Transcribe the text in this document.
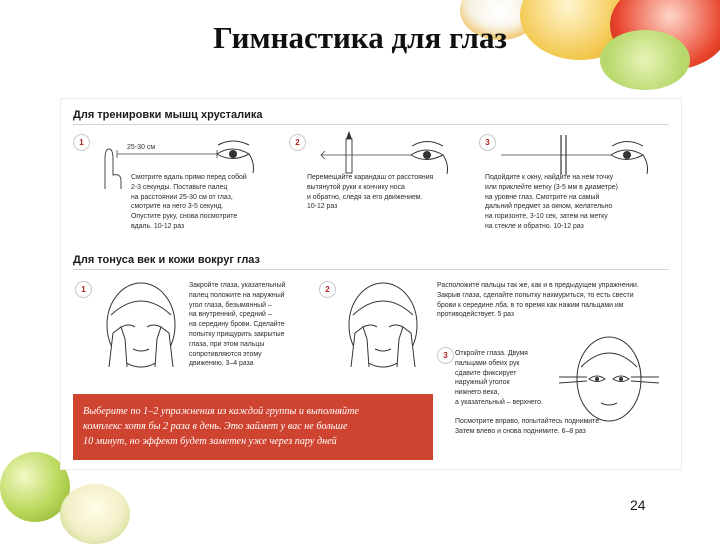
Гимнастика для глаз
Для тренировки мышц хрусталика
1
25-30 см
Смотрите вдаль прямо перед собой
2-3 секунды. Поставьте палец
на расстоянии 25-30 см от глаз,
смотрите на него 3-5 секунд.
Опустите руку, снова посмотрите
вдаль. 10-12 раз
2
Перемещайте карандаш от расстояния
вытянутой руки к кончику носа
и обратно, следя за его движением.
10-12 раз
3
Подойдите к окну, найдите на нем точку
или приклейте метку (3-5 мм в диаметре)
на уровне глаз. Смотрите на самый
дальний предмет за окном, желательно
на горизонте, 3-10 сек, затем на метку
на стекле и обратно. 10-12 раз
Для тонуса век и кожи вокруг глаз
1	Закройте глаза, указательный
палец положите на наружный
угол глаза, безымянный –
на внутренний, средний –
на середину брови. Сделайте
попытку прищурить закрытые
глаза, при этом пальцы
сопротивляются этому
движению. 3–4 раза
2	Расположите пальцы так же, как и в предыдущем упражнении.
Закрыв глаза, сделайте попытку нахмуриться, то есть свести
брови к середине лба, в то время как нажим пальцами им
противодействует. 5 раз
3	Откройте глаза. Двумя
пальцами обеих рук
сдавите фиксирует
наружный уголок
нижнего века,
а указательный – верхнего.
Посмотрите вправо, попытайтесь поднимите.
Затем влево и снова поднимите. 6–8 раз
Выберите по 1–2 упражнения из каждой группы и выполняйте
комплекс хотя бы 2 раза в день. Это займет у вас не больше
10 минут, но эффект будет заметен уже через пару дней
24
